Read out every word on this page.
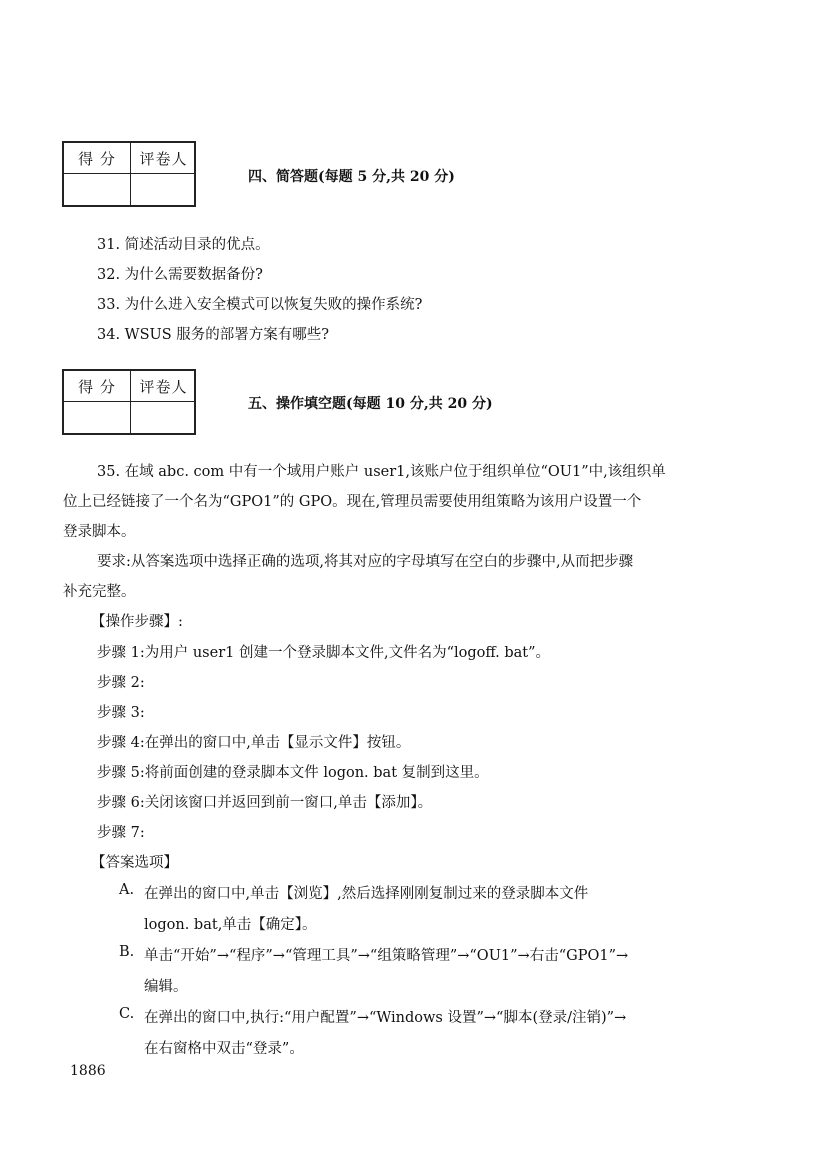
得 分	评卷人
四、简答题(每题 5 分,共 20 分)
31. 简述活动目录的优点。
32. 为什么需要数据备份?
33. 为什么进入安全模式可以恢复失败的操作系统?
34. WSUS 服务的部署方案有哪些?
得 分	评卷人
五、操作填空题(每题 10 分,共 20 分)
35. 在域 abc. com 中有一个域用户账户 user1,该账户位于组织单位“OU1”中,该组织单
位上已经链接了一个名为“GPO1”的 GPO。现在,管理员需要使用组策略为该用户设置一个
登录脚本。
要求:从答案选项中选择正确的选项,将其对应的字母填写在空白的步骤中,从而把步骤
补充完整。
【操作步骤】:
步骤 1:为用户 user1 创建一个登录脚本文件,文件名为“logoff. bat”。
步骤 2:
步骤 3:
步骤 4:在弹出的窗口中,单击【显示文件】按钮。
步骤 5:将前面创建的登录脚本文件 logon. bat 复制到这里。
步骤 6:关闭该窗口并返回到前一窗口,单击【添加】。
步骤 7:
【答案选项】
A. 在弹出的窗口中,单击【浏览】,然后选择刚刚复制过来的登录脚本文件
logon. bat,单击【确定】。
B. 单击“开始”→“程序”→“管理工具”→“组策略管理”→“OU1”→右击“GPO1”→
编辑。
C. 在弹出的窗口中,执行:“用户配置”→“Windows 设置”→“脚本(登录/注销)”→
在右窗格中双击“登录”。
1886
